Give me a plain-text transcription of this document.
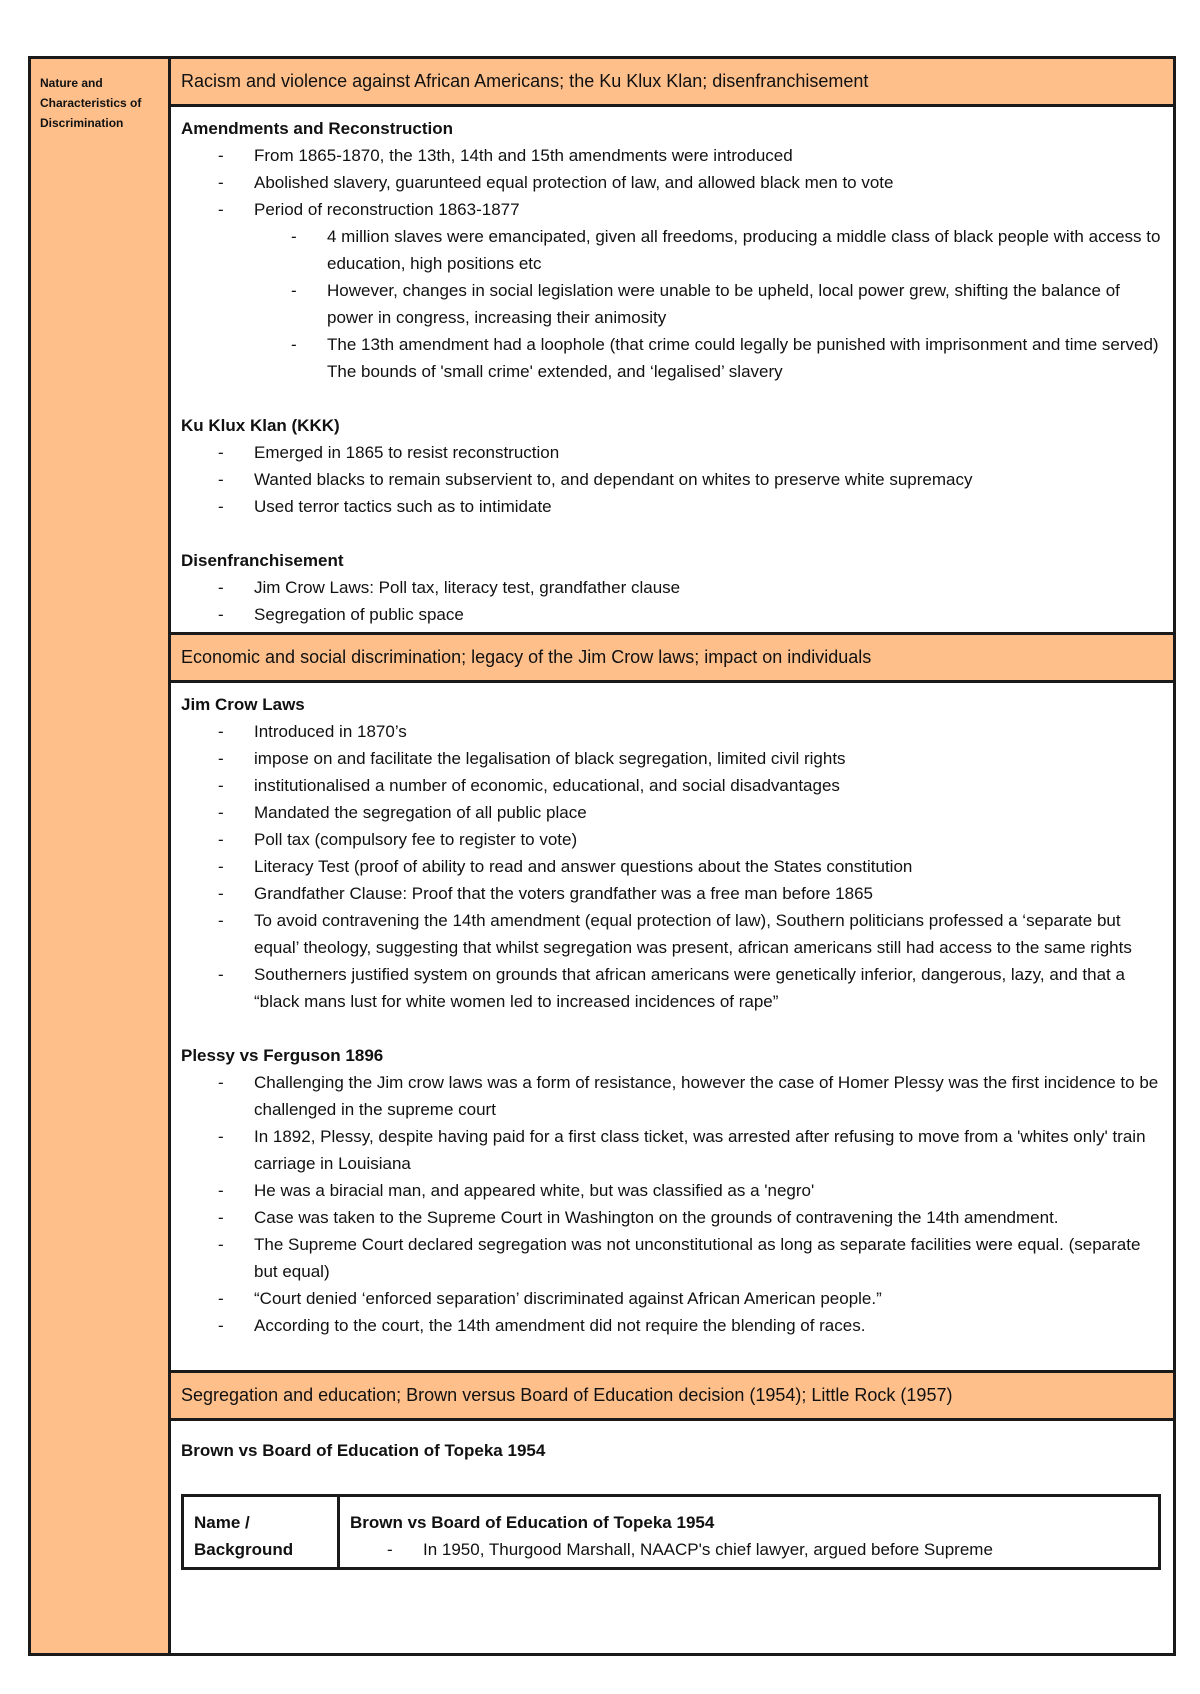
Nature and Characteristics of Discrimination
Racism and violence against African Americans; the Ku Klux Klan; disenfranchisement
Amendments and Reconstruction
- From 1865-1870, the 13th, 14th and 15th amendments were introduced
- Abolished slavery, guarunteed equal protection of law, and allowed black men to vote
- Period of reconstruction 1863-1877
- 4 million slaves were emancipated, given all freedoms, producing a middle class of black people with access to education, high positions etc
- However, changes in social legislation were unable to be upheld, local power grew, shifting the balance of power in congress, increasing their animosity
- The 13th amendment had a loophole (that crime could legally be punished with imprisonment and time served) The bounds of 'small crime' extended, and ‘legalised’ slavery
Ku Klux Klan (KKK)
- Emerged in 1865 to resist reconstruction
- Wanted blacks to remain subservient to, and dependant on whites to preserve white supremacy
- Used terror tactics such as to intimidate
Disenfranchisement
- Jim Crow Laws: Poll tax, literacy test, grandfather clause
- Segregation of public space
Economic and social discrimination; legacy of the Jim Crow laws; impact on individuals
Jim Crow Laws
- Introduced in 1870’s
- impose on and facilitate the legalisation of black segregation, limited civil rights
- institutionalised a number of economic, educational, and social disadvantages
- Mandated the segregation of all public place
- Poll tax (compulsory fee to register to vote)
- Literacy Test (proof of ability to read and answer questions about the States constitution
- Grandfather Clause: Proof that the voters grandfather was a free man before 1865
- To avoid contravening the 14th amendment (equal protection of law), Southern politicians professed a ‘separate but equal’ theology, suggesting that whilst segregation was present, african americans still had access to the same rights
- Southerners justified system on grounds that african americans were genetically inferior, dangerous, lazy, and that a “black mans lust for white women led to increased incidences of rape”
Plessy vs Ferguson 1896
- Challenging the Jim crow laws was a form of resistance, however the case of Homer Plessy was the first incidence to be challenged in the supreme court
- In 1892, Plessy, despite having paid for a first class ticket, was arrested after refusing to move from a 'whites only' train carriage in Louisiana
- He was a biracial man, and appeared white, but was classified as a 'negro'
- Case was taken to the Supreme Court in Washington on the grounds of contravening the 14th amendment.
- The Supreme Court declared segregation was not unconstitutional as long as separate facilities were equal. (separate but equal)
- “Court denied ‘enforced separation’ discriminated against African American people.”
- According to the court, the 14th amendment did not require the blending of races.
Segregation and education; Brown versus Board of Education decision (1954); Little Rock (1957)
Brown vs Board of Education of Topeka 1954
Name / Background
Brown vs Board of Education of Topeka 1954
- In 1950, Thurgood Marshall, NAACP's chief lawyer, argued before Supreme
